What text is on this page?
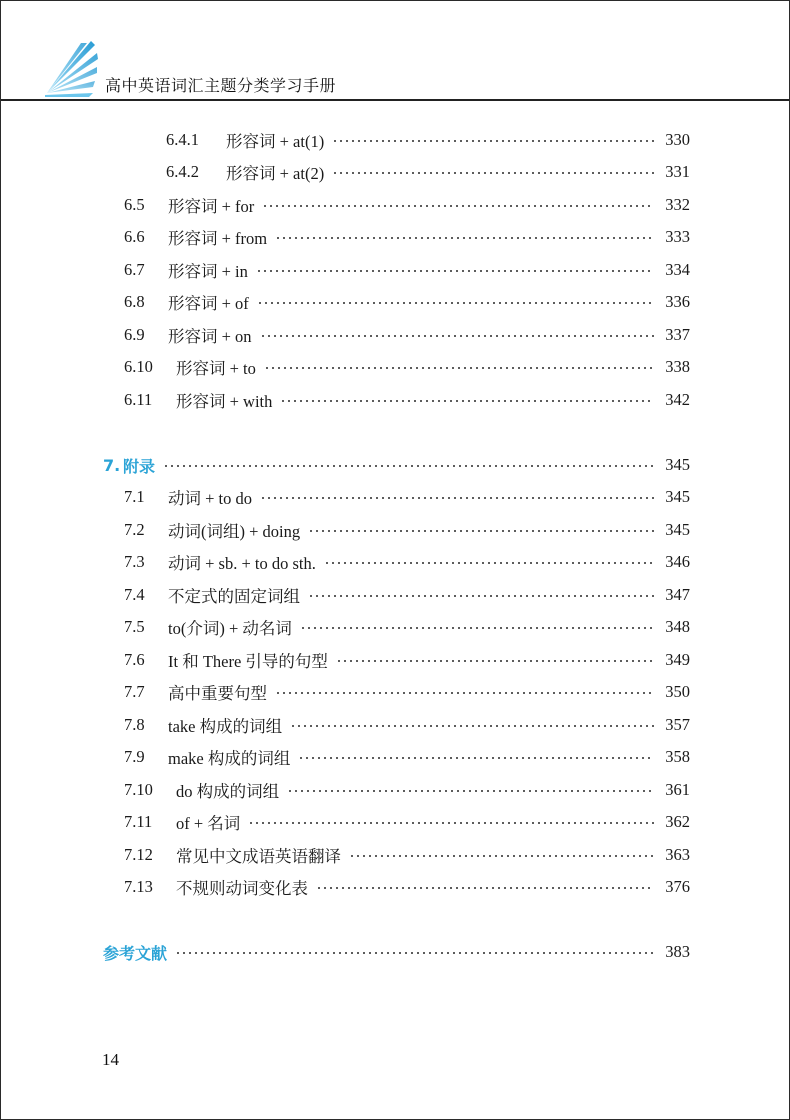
高中英语词汇主题分类学习手册
6.4.1	形容词 + at(1)	330
6.4.2	形容词 + at(2)	331
6.5	形容词 + for	332
6.6	形容词 + from	333
6.7	形容词 + in	334
6.8	形容词 + of	336
6.9	形容词 + on	337
6.10	形容词 + to	338
6.11	形容词 + with	342
7. 附录	345
7.1	动词 + to do	345
7.2	动词(词组) + doing	345
7.3	动词 + sb. + to do sth.	346
7.4	不定式的固定词组	347
7.5	to(介词) + 动名词	348
7.6	It 和 There 引导的句型	349
7.7	高中重要句型	350
7.8	take 构成的词组	357
7.9	make 构成的词组	358
7.10	do 构成的词组	361
7.11	of + 名词	362
7.12	常见中文成语英语翻译	363
7.13	不规则动词变化表	376
参考文献	383
14
